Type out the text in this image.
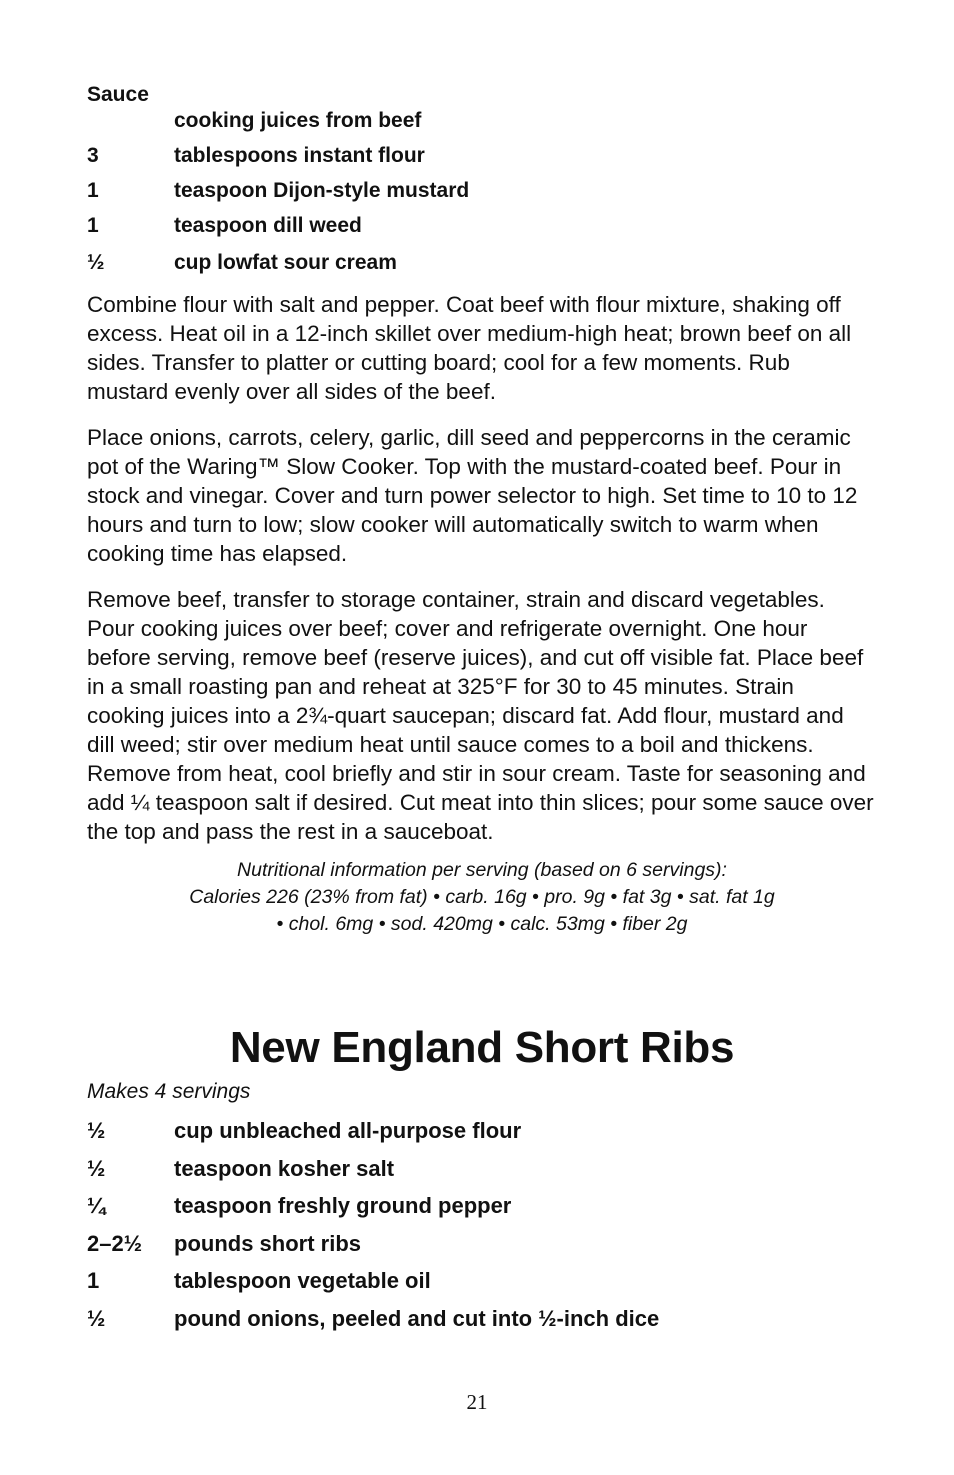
Sauce

cooking juices from beef
3	tablespoons instant flour
1	teaspoon Dijon-style mustard
1	teaspoon dill weed
½	cup lowfat sour cream

Combine flour with salt and pepper. Coat beef with flour mixture, shaking off excess. Heat oil in a 12-inch skillet over medium-high heat; brown beef on all sides. Transfer to platter or cutting board; cool for a few moments. Rub mustard evenly over all sides of the beef.

Place onions, carrots, celery, garlic, dill seed and peppercorns in the ceramic pot of the Waring™ Slow Cooker. Top with the mustard-coated beef. Pour in stock and vinegar. Cover and turn power selector to high. Set time to 10 to 12 hours and turn to low; slow cooker will automatically switch to warm when cooking time has elapsed.

Remove beef, transfer to storage container, strain and discard vegetables. Pour cooking juices over beef; cover and refrigerate overnight. One hour before serving, remove beef (reserve juices), and cut off visible fat. Place beef in a small roasting pan and reheat at 325°F for 30 to 45 minutes. Strain cooking juices into a 2¾-quart saucepan; discard fat. Add flour, mustard and dill weed; stir over medium heat until sauce comes to a boil and thickens. Remove from heat, cool briefly and stir in sour cream. Taste for seasoning and add ¼ teaspoon salt if desired. Cut meat into thin slices; pour some sauce over the top and pass the rest in a sauceboat.

Nutritional information per serving (based on 6 servings):
Calories 226 (23% from fat) • carb. 16g • pro. 9g • fat 3g • sat. fat 1g
• chol. 6mg • sod. 420mg • calc. 53mg • fiber 2g
New England Short Ribs

Makes 4 servings

½	cup unbleached all-purpose flour
½	teaspoon kosher salt
¼	teaspoon freshly ground pepper
2–2½	pounds short ribs
1	tablespoon vegetable oil
½	pound onions, peeled and cut into ½-inch dice
21
